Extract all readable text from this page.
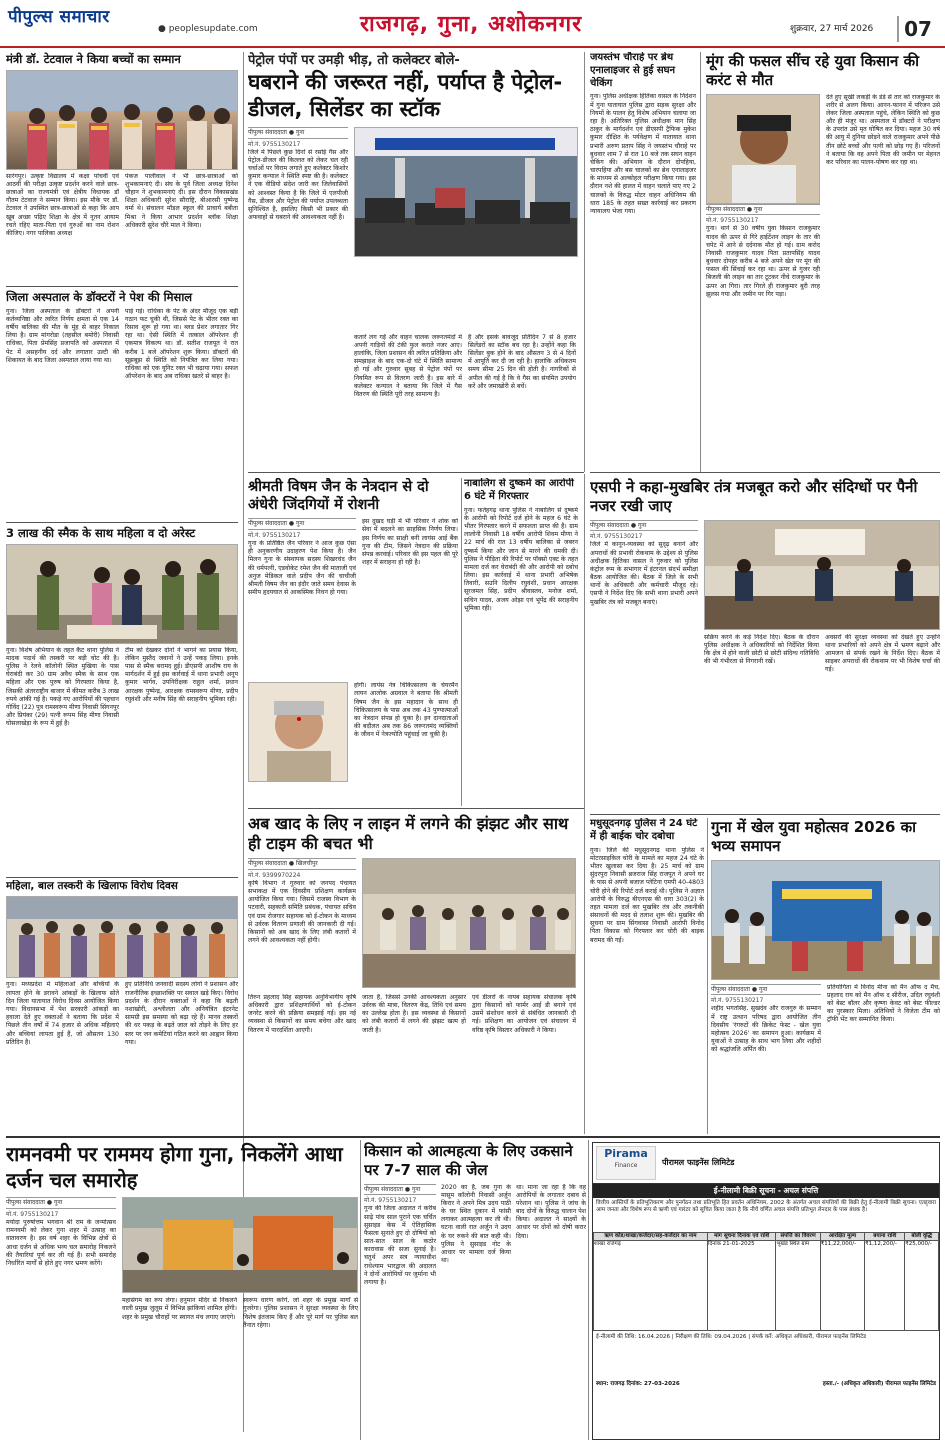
पीपुल्स समाचार
● peoplesupdate.com	राजगढ़, गुना, अशोकनगर	शुक्रवार, 27 मार्च 2026	07
मंत्री डॉ. टेटवाल ने किया बच्चों का सम्मान
सारंगपुर। उत्कृष्ट विद्यालय में कक्षा पांचवीं एवं आठवीं की परीक्षा उत्कृष्ट प्रदर्शन करने वाले छात्र-छात्राओं का राज्यमंत्री एवं क्षेत्रीय विधायक डॉ गौतम टेटवाल ने सम्मान किया। इस मौके पर डॉ. टेटवाल ने उपस्थित छात्र-छात्राओं से कहा कि आप खूब अच्छा पढ़िए शिक्षा के क्षेत्र में नूतन आयाम रचते रहिए माता-पिता एवं गुरुओं का नाम रोशन कीजिए। नगर पालिका अध्यक्ष
पंकज पालीवाल ने भी छात्र-छात्राओं को शुभकामनाएं दी। संघ के पूर्व जिला अध्यक्ष दिनेश चौहान ने शुभकामनाएं दी। इस दौरान विकासखंड शिक्षा अधिकारी सुरेश सौराष्ट्रि, बीआरसी पुष्पेन्द्र वर्मा थे। संचालन मॉडल स्कूल की प्राचार्य बबीता मिश्रा ने किया आभार प्रदर्शन ब्लॉक शिक्षा अधिकारी सुरेश चौरे माल ने किया।
जिला अस्पताल के डॉक्टरों ने पेश की मिसाल
गुना। जिला अस्पताल के डॉक्टरों ने अपनी कर्तव्यनिष्ठा और त्वरित निर्णय क्षमता से एक 14 वर्षीय बालिका की मौत के मुंह से बाहर निकाल लिया है। ग्राम मांगरोडा (तहसील बमोरी) निवासी राधिका, पिता प्रेमसिंह प्रजापति को अस्पताल में पेट में असहनीय दर्द और लगातार उल्टी की शिकायत के बाद जिला अस्पताल लाया गया था।
पाई गई। राधिका के पेट के अंदर मौजूद एक बड़ी गठान फट चुकी थी, जिससे पेट के भीतर रक्त का रिसाव शुरू हो गया था। ब्लड प्रेशर लगातार गिर रहा था। ऐसी स्थिति में तत्काल ऑपरेशन ही एकमात्र विकल्प था। डॉ. सतीश राजपूत ने रात करीब 1 बजे ऑपरेशन शुरू किया। डॉक्टरों की सूझबूझ से स्थिति को नियंत्रित कर लिया गया। राधिका को एक यूनिट रक्त भी चढ़ाया गया। सफल ऑपरेशन के बाद अब राधिका खतरे से बाहर है।
3 लाख की स्मैक के साथ महिला व दो अरेस्ट
गुना। विशेष अभियान के तहत कैंट थाना पुलिस ने मादक पदार्थ की तस्करी पर बड़ी चोट की है। पुलिस ने रेलवे कॉलोनी स्थित मुखिया के पास घेराबंदी कर 30 ग्राम अवैध स्मैक के साथ एक महिला और एक पुरुष को गिरफ्तार किया है, जिसकी अंतरराष्ट्रीय बाजार में कीमत करीब 3 लाख रुपये आंकी गई है। पकड़े गए आरोपियों की पहचान गोविंद (22) पुत्र रामस्वरूप मीणा निवासी सिंगनपुर और प्रियंका (29) पत्नी रूपम सिंह मीणा निवासी घोसलाखेड़ा के रूप में हुई है।
टीम को देखकर दोनों ने भागने का प्रयास किया, लेकिन मुस्तैद जवानों ने उन्हें पकड़ लिया। इनके पास से स्मैक बरामद हुई। डीएसपी आशीष राय के मार्गदर्शन में हुई इस कार्रवाई में थाना प्रभारी अनूप कुमार भार्गव, उपनिरीक्षक राहुल शर्मा, प्रधान आरक्षक पुष्पेन्द्र, आरक्षक रामस्वरूप मीणा, प्रदीप रघुवंशी और मनीष सिंह की सराहनीय भूमिका रही।
महिला, बाल तस्करी के खिलाफ विरोध दिवस
गुना। मध्यप्रदेश में महिलाओं और बच्चियों के लापता होने के डरावने आंकड़ों के खिलाफ सोते दिन जिला यातायात विरोध दिवस आयोजित किया गया। विधानसभा में पेश सरकारी आंकड़ों का हवाला देते हुए वक्ताओं ने बताया कि प्रदेश में पिछले तीन वर्षों में 74 हजार से अधिक महिलाएं और बच्चियां लापता हुई हैं, जो औसतन 130 प्रतिदिन है।
हुए प्रतिनिधि जनवादी सदस्य लोगों ने प्रशासन और राजनीतिक इच्छाशक्ति पर सवाल खड़े किए। विरोध प्रदर्शन के दौरान वक्ताओं ने कहा कि बढ़ती नशाखोरी, अश्लीलता और अनियंत्रित इंटरनेट सामग्री इस समस्या को बढ़ा रहे हैं। मानव तस्करों की धर पकड़ के बढ़ते जाल को तोड़ने के लिए हर स्तर पर जन कमेटियां गठित करने का आह्वान किया गया।
पेट्रोल पंपों पर उमड़ी भीड़, तो कलेक्टर बोले-
घबराने की जरूरत नहीं, पर्याप्त है पेट्रोल-डीजल, सिलेंडर का स्टॉक
पीपुल्स संवाददाता ● गुना
मो.नं. 9755130217
जिले में पिछले कुछ दिनों से रसोई गैस और पेट्रोल-डीजल की किल्लत को लेकर चल रही चर्चाओं पर विराम लगाते हुए कलेक्टर किशोर कुमार कन्याल ने स्थिति स्पष्ट की है। कलेक्टर ने एक वीडियो संदेश जारी कर जिलेवासियों को आश्वस्त किया है कि जिले में एलपीजी गैस, डीजल और पेट्रोल की पर्याप्त उपलब्धता सुनिश्चित है, इसलिए किसी भी प्रकार की अफवाहों से घबराने की आवश्यकता नहीं है।
कतारें लग गईं और वाहन चालक जरूरतमंदों में अपनी गाड़ियों की टंकी फुल कराते नजर आए। हालांकि, जिला प्रशासन की त्वरित प्रतिक्रिया और समझाइश के बाद एक-दो घंटे में स्थिति सामान्य हो गई और गुरुवार सुबह से पेट्रोल पंपों पर नियमित रूप से वितरण जारी है। इस बारे में कलेक्टर कन्याल ने बताया कि जिले में गैस वितरण की स्थिति पूरी तरह सामान्य है।
है और इसके बावजूद प्रतिदिन 7 से 8 हजार सिलेंडरों का स्टॉक बच रहा है। उन्होंने कहा कि सिलेंडर बुक होने के बाद औसतन 3 से 4 दिनों में आपूर्ति कर दी जा रही है। हालांकि अधिकतम समय सीमा 25 दिन की होती है। नागरिकों से अपील की गई है कि वे गैस का संयमित उपयोग करें और जमाखोरी से बचें।
जयस्तंभ चौराहे पर ब्रेथ एनालाइजर से हुई सघन चेकिंग
गुना। पुलिस अधीक्षक हितिका वासल के निर्देशन में गुना यातायात पुलिस द्वारा सड़क सुरक्षा और नियमों के पालन हेतु विशेष अभियान चलाया जा रहा है। अतिरिक्त पुलिस अधीक्षक मान सिंह ठाकुर के मार्गदर्शन एवं डीएसपी ट्रैफिक मुकेश कुमार दीक्षित के पर्यवेक्षण में यातायात थाना प्रभारी अरुण प्रताप सिंह ने जयस्तंभ चौराहे पर बुधवार शाम 7 से रात 10 बजे तक सघन वाहन चेकिंग की। अभियान के दौरान दोपहिया, चारपहिया और बस चालकों का ब्रेथ एनालाइजर के माध्यम से अल्कोहल परीक्षण किया गया। इस दौरान नशे की हालत में वाहन चलाते पाए गए 2 चालकों के विरुद्ध मोटर वाहन अधिनियम की धारा 185 के तहत सख्त कार्रवाई कर प्रकरण न्यायालय भेजा गया।
मूंग की फसल सींच रहे युवा किसान की करंट से मौत
पीपुल्स संवाददाता ● गुना
मो.नं. 9755130217
गुना। थाने से 30 वर्षीय युवा किसान राजकुमार यादव की ऊपर से गिरे हाईटेंशन लाइन के तार की चपेट में आने से दर्दनाक मौत हो गई। ग्राम करोद निवासी राजकुमार यादव पिता प्रतापसिंह यादव बुधवार दोपहर करीब 4 बजे अपने खेत पर मूंग की फसल की सिंचाई कर रहा था। ऊपर से गुजर रही बिजली की लाइन का तार टूटकर नीचे राजकुमार के ऊपर आ गिरा। तार गिरते ही राजकुमार बुरी तरह झुलस गया और जमीन पर गिर पड़ा।
देते हुए सूखी लकड़ी के डंडे से तार को राजकुमार के शरीर से अलग किया। आनन-फानन में परिजन उसे लेकर जिला अस्पताल पहुंचे, लेकिन स्थिति को कुछ और ही मंजूर था। अस्पताल में डॉक्टरों ने परीक्षण के उपरांत उसे मृत घोषित कर दिया। महज 30 वर्ष की आयु में दुनिया छोड़ने वाले राजकुमार अपने पीछे तीन छोटे बच्चों और पत्नी को छोड़ गए हैं। परिजनों ने बताया कि वह अपने पिता की जमीन पर मेहनत कर परिवार का पालन-पोषण कर रहा था।
श्रीमती विषम जैन के नेत्रदान से दो अंधेरी जिंदगियों में रोशनी
पीपुल्स संवाददाता ● गुना
मो.नं. 9755130217
गुना के प्रतिष्ठित जैन परिवार ने आज कुछ ऐसा ही अनुकरणीय उदाहरण पेश किया है। जैन मिलन गुना के संस्थापक सदस्य शिखरचंद जैन की धर्मपत्नी, एडवोकेट रमेश जैन की माताजी एवं अनुज मेडिकल वाले प्रदीप जैन की चाचीजी श्रीमती विषम जैन का इंदौर जाते समय देवास के समीप हृदयघात से आकस्मिक निधन हो गया।
इस दुखद घड़ी में भी परिवार ने शोक को सेवा में बदलने का साहसिक निर्णय लिया। इस निर्णय का साक्षी बनी लायंस आई बैंक गुना की टीम, जिसने नेत्रदान की प्रक्रिया संपन्न करवाई। परिवार की इस पहल की पूरे शहर में सराहना हो रही है।
होगी। लायंस नेत्र चिकित्सालय के चेयरमैन लायन आलोक अग्रवाल ने बताया कि श्रीमती विषम जैन के इस महादान के साथ ही चिकित्सालय के पास अब तक 43 पुण्यात्माओं का नेत्रदान संपन्न हो चुका है। इन दानदाताओं की बदौलत अब तक 86 जरूरतमंद व्यक्तियों के जीवन में नेत्रज्योति पहुंचाई जा चुकी है।
नाबालिग से दुष्कर्म का आरोपी 6 घंटे में गिरफ्तार
गुना। फतेहगढ़ थाना पुलिस ने नाबालिग से दुष्कर्म के आरोपी को रिपोर्ट दर्ज होने के महज 6 घंटे के भीतर गिरफ्तार करने में सफलता प्राप्त की है। ग्राम लालोनी निवासी 18 वर्षीय आरोपी शिवम मीणा ने 22 मार्च की रात 13 वर्षीय बालिका से जबरन दुष्कर्म किया और जान से मारने की धमकी दी। पुलिस ने पीड़िता की रिपोर्ट पर पॉक्सो एक्ट के तहत मामला दर्ज कर घेराबंदी की और आरोपी को दबोच लिया। इस कार्रवाई में थाना प्रभारी अभिषेक तिवारी, सउनि दिलीप रघुवंशी, प्रधान आरक्षक सूरजमल सिंह, प्रदीप श्रीवास्तव, मनोज शर्मा, सचिन यादव, अजय ओझा एवं भूपेंद्र की सराहनीय भूमिका रही।
एसपी ने कहा-मुखबिर तंत्र मजबूत करो और संदिग्धों पर पैनी नजर रखी जाए
पीपुल्स संवाददाता ● गुना
मो.नं. 9755130217
जिले में कानून-व्यवस्था को सुदृढ़ बनाने और अपराधों की प्रभावी रोकथाम के उद्देश्य से पुलिस अधीक्षक हितिका वासल ने गुरुवार को पुलिस कंट्रोल रूम के सभागार में इंटरनल संदर्भ समीक्षा बैठक आयोजित की। बैठक में जिले के सभी थानों के अधिकारी और कर्मचारी मौजूद रहे। एसपी ने निर्देश दिए कि सभी थाना प्रभारी अपने मुखबिर तंत्र को मजबूत बनाएं।
सक्रिय करने के कड़े निर्देश दिए। बैठक के दौरान पुलिस अधीक्षक ने अधिकारियों को निर्देशित किया कि क्षेत्र में होने वाली छोटी से छोटी संदिग्ध गतिविधि की भी गंभीरता से निगरानी रखें।
अवसरों की सुरक्षा व्यवस्था को देखते हुए उन्होंने थाना प्रभारियों को अपने क्षेत्र में भ्रमण बढ़ाने और आमजन से संपर्क रखने के निर्देश दिए। बैठक में साइबर अपराधों की रोकथाम पर भी विशेष चर्चा की गई।
अब खाद के लिए न लाइन में लगने की झंझट और साथ ही टाइम की बचत भी
पीपुल्स संवाददाता ● खिलचीपुर
मो.नं. 9399970224
कृषि विभाग ने गुरुवार को जनपद पंचायत सभाकक्ष में एक दिवसीय प्रशिक्षण कार्यक्रम आयोजित किया गया। जिसमें राजस्व विभाग के पटवारी, सहकारी समिति प्रबंधक, पंचायत सचिव एवं ग्राम रोजगार सहायक को ई-टोकन के माध्यम से उर्वरक वितरण प्रणाली की जानकारी दी गई। किसानों को अब खाद के लिए लंबी कतारों में लगने की आवश्यकता नहीं होगी।
तिरुन प्रहलाद सिंह सहायक अनुविभागीय कृषि अधिकारी द्वारा प्रशिक्षणार्थियों को ई-टोकन जनरेट करने की प्रक्रिया समझाई गई। इस नई व्यवस्था से किसानों का समय बचेगा और खाद वितरण में पारदर्शिता आएगी।
जाता है, जिससे उनकी आवश्यकता अनुसार उर्वरक की मात्रा, वितरण केंद्र, तिथि एवं समय का उल्लेख होता है। इस व्यवस्था से किसानों को लंबी कतारों में लगने की झंझट खत्म हो जाती है।
एवं डीलरों के नायब सहायक संचालक कृषि द्वारा किसानों को फार्मर आई डी बनाने एवं उसमें संशोधन करने से संबंधित जानकारी दी गई। प्रशिक्षण का आयोजन एवं संचालन में वरिष्ठ कृषि विस्तार अधिकारी ने किया।
मधुसूदनगढ़ पुलिस ने 24 घंटे में ही बाईक चोर दबोचा
गुना। जिले की मधुसूदनगढ़ थाना पुलिस ने मोटरसाइकिल चोरी के मामले का महज 24 घंटे के भीतर खुलासा कर दिया है। 25 मार्च को ग्राम सुंदरपुरा निवासी ब्रजराज सिंह राजपूत ने अपने घर के पास से अपनी बजाज प्लेटिना एमपी 40-4803 चोरी होने की रिपोर्ट दर्ज कराई थी। पुलिस ने अज्ञात आरोपी के विरुद्ध बीएनएस की धारा 303(2) के तहत मामला दर्ज कर मुखबिर तंत्र और तकनीकी संसाधनों की मदद से तलाश शुरू की। मुखबिर की सूचना पर ग्राम सिंगवासा निवासी आरोपी विनोद पिता विकास को गिरफ्तार कर चोरी की बाइक बरामद की गई।
गुना में खेल युवा महोत्सव 2026 का भव्य समापन
पीपुल्स संवाददाता ● गुना
मो.नं. 9755130217
शहीद भगतसिंह, सुखदेव और राजगुरु के सम्मान में राष्ट्र उत्थान परिषद द्वारा आयोजित तीन दिवसीय 'रंगरुटों की क्रिकेट फेस्ट - खेल युवा महोत्सव 2026' का समापन हुआ। कार्यक्रम में युवाओं ने उत्साह के साथ भाग लिया और शहीदों को श्रद्धांजलि अर्पित की।
प्रतियोगिता में विनोद मीना को मैन ऑफ द मैच, प्रहलाद राय को मैन ऑफ द सीरीज, उदित रघुवंशी को बेस्ट बॉलर और कृष्णा केवट को बेस्ट फील्डर का पुरस्कार मिला। अतिथियों ने विजेता टीम को ट्रॉफी भेंट कर सम्मानित किया।
रामनवमी पर राममय होगा गुना, निकलेंगे आधा दर्जन चल समारोह
पीपुल्स संवाददाता ● गुना
मो.नं. 9755130217
मर्यादा पुरुषोत्तम भगवान श्री राम के जन्मोत्सव रामनवमी को लेकर गुना शहर में उत्साह का वातावरण है। इस वर्ष शहर के विभिन्न क्षेत्रों से आधा दर्जन से अधिक भव्य चल समारोह निकलने की तैयारियां पूर्ण कर ली गई हैं। सभी समारोह निर्धारित मार्गों से होते हुए नगर भ्रमण करेंगे।
महासंगम का रूप लेगा। हनुमान मंदिर से निकलने वाली प्रमुख जुलूस में विभिन्न झांकियां शामिल होंगी। शहर के प्रमुख चौराहों पर स्वागत मंच लगाए जाएंगे।
स्वरूप धारण करेंगे, जो शहर के प्रमुख मार्गों से गुजरेगा। पुलिस प्रशासन ने सुरक्षा व्यवस्था के लिए विशेष इंतजाम किए हैं और पूरे मार्ग पर पुलिस बल तैनात रहेगा।
किसान को आत्महत्या के लिए उकसाने पर 7-7 साल की जेल
पीपुल्स संवाददाता ● गुना
मो.नं. 9755130217
गुना की जिला अदालत ने करीब साढ़े पांच साल पुराने एक चर्चित सुसाइड केस में ऐतिहासिक फैसला सुनाते हुए दो दोषियों को सात-सात साल के कठोर कारावास की सजा सुनाई है। चतुर्थ अपर सत्र न्यायाधीश राधेश्याम भारद्वाज की अदालत ने दोनों आरोपियों पर जुर्माना भी लगाया है।
2020 का है, जब गुना के मासूम कॉलोनी निवासी अर्जुन किरार ने अपने मित्र उदय पाठी के घर स्थित दुकान में फांसी लगाकर आत्महत्या कर ली थी। घटना वाली रात अर्जुन ने उदय के घर रुकने की बात कही थी। पुलिस ने सुसाइड नोट के आधार पर मामला दर्ज किया था।
था। माना जा रहा है कि वह आरोपियों के लगातार दबाव से परेशान था। पुलिस ने जांच के बाद दोनों के विरुद्ध चालान पेश किया। अदालत ने साक्ष्यों के आधार पर दोनों को दोषी करार दिया।
Pirama
Finance	पीरामल फाइनेंस लिमिटेड
ई-नीलामी बिक्री सूचना - अचल संपत्ति
वित्तीय आस्तियों के प्रतिभूतिकरण और पुनर्गठन तथा प्रतिभूति हित प्रवर्तन अधिनियम, 2002 के अंतर्गत अचल संपत्तियों की बिक्री हेतु ई-नीलामी बिक्री सूचना। एतद्द्वारा आम जनता और विशेष रूप से ऋणी एवं गारंटर को सूचित किया जाता है कि नीचे वर्णित अचल संपत्ति प्रतिभूत लेनदार के पास बंधक है।
ऋण कोड/शाखा/कर्जदार/सह-कर्जदार का नाम	मांग सूचना दिनांक एवं राशि	संपत्ति का विवरण	आरक्षित मूल्य	बयाना राशि	बोली वृद्धि
शाखा राजगढ़	दिनांक 21-01-2025	भूखंड स्थित ग्राम	₹11,22,000/-	₹1,12,200/-	₹25,000/-
ई-नीलामी की तिथि: 16.04.2026 | निरीक्षण की तिथि: 09.04.2026 | संपर्क करें: अधिकृत अधिकारी, पीरामल फाइनेंस लिमिटेड
स्थान: राजगढ़ दिनांक: 27-03-2026	हस्ता./- (अधिकृत अधिकारी) पीरामल फाइनेंस लिमिटेड
